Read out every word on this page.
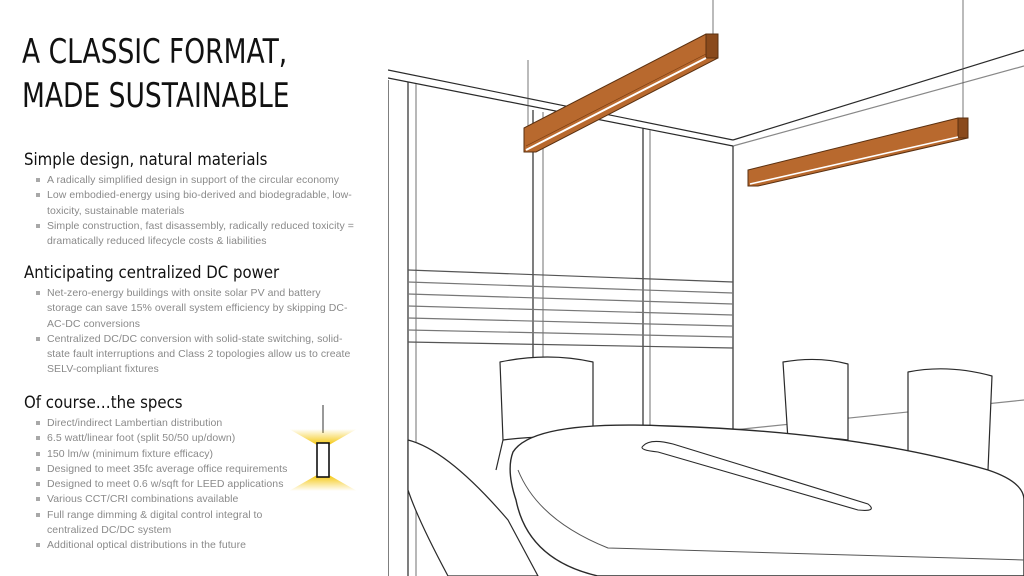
A CLASSIC FORMAT,
MADE SUSTAINABLE
Simple design, natural materials
A radically simplified design in support of the circular economy
Low embodied-energy using bio-derived and biodegradable, low-toxicity, sustainable materials
Simple construction, fast disassembly, radically reduced toxicity = dramatically reduced lifecycle costs & liabilities
Anticipating centralized DC power
Net-zero-energy buildings with onsite solar PV and battery storage can save 15% overall system efficiency by skipping DC-AC-DC conversions
Centralized DC/DC conversion with solid-state switching, solid-state fault interruptions and Class 2 topologies allow us to create SELV-compliant fixtures
Of course…the specs
Direct/indirect Lambertian distribution
6.5 watt/linear foot (split 50/50 up/down)
150 lm/w (minimum fixture efficacy)
Designed to meet 35fc average office requirements
Designed to meet 0.6 w/sqft for LEED applications
Various CCT/CRI combinations available
Full range dimming & digital control integral to centralized DC/DC system
Additional optical distributions in the future
